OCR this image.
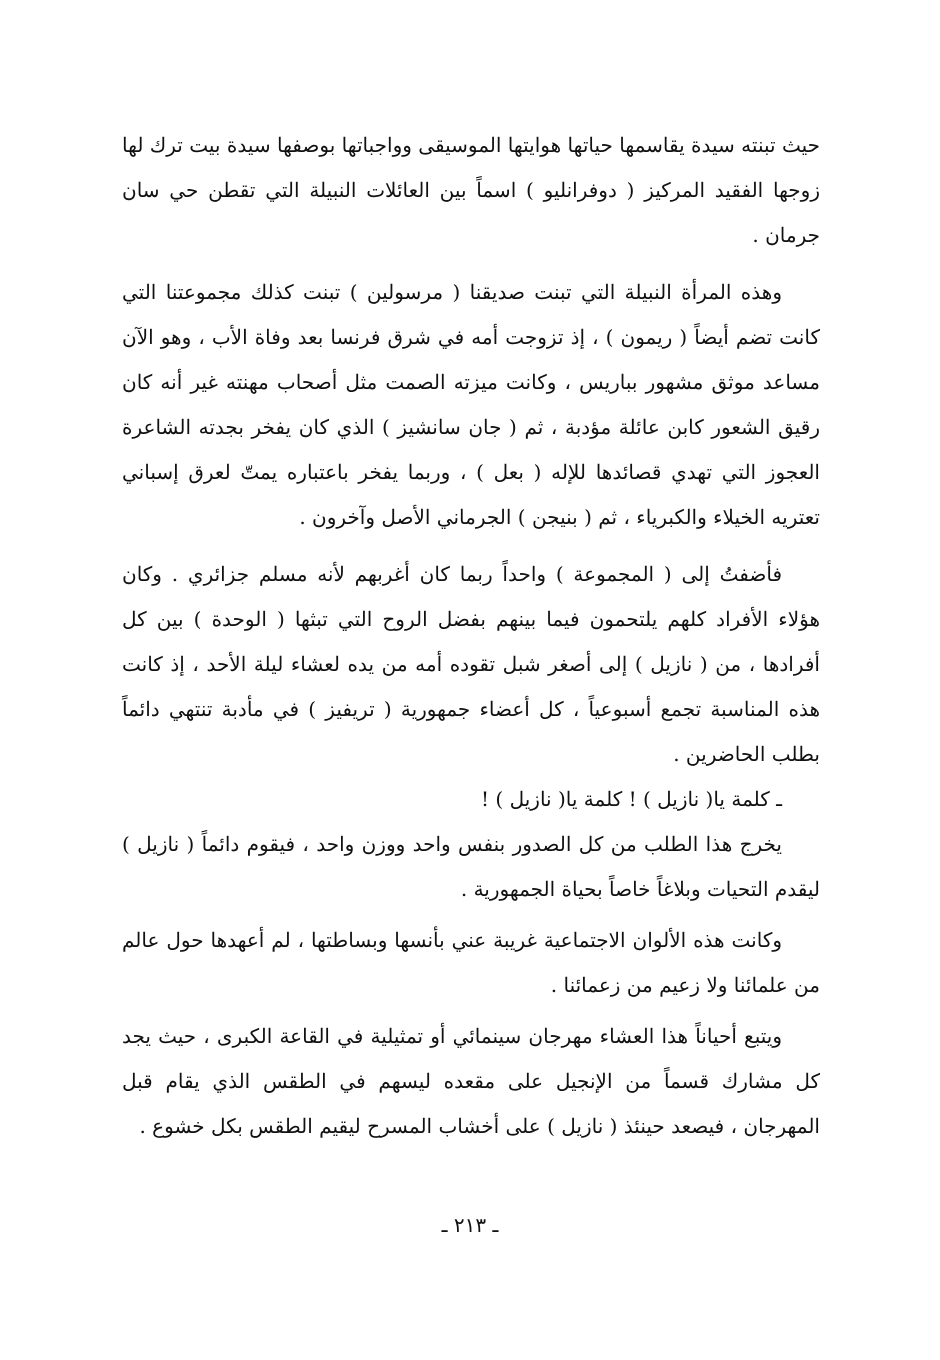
حيث تبنته سيدة يقاسمها حياتها هوايتها الموسيقى وواجباتها بوصفها سيدة بيت ترك لها زوجها الفقيد المركيز ( دوفرانليو ) اسماً بين العائلات النبيلة التي تقطن حي سان جرمان .

وهذه المرأة النبيلة التي تبنت صديقنا ( مرسولين ) تبنت كذلك مجموعتنا التي كانت تضم أيضاً ( ريمون ) ، إذ تزوجت أمه في شرق فرنسا بعد وفاة الأب ، وهو الآن مساعد موثق مشهور بباريس ، وكانت ميزته الصمت مثل أصحاب مهنته غير أنه كان رقيق الشعور كابن عائلة مؤدبة ، ثم ( جان سانشيز ) الذي كان يفخر بجدته الشاعرة العجوز التي تهدي قصائدها للإله ( بعل ) ، وربما يفخر باعتباره يمتّ لعرق إسباني تعتريه الخيلاء والكبرياء ، ثم ( بنيجن ) الجرماني الأصل وآخرون .

فأضفتُ إلى ( المجموعة ) واحداً ربما كان أغربهم لأنه مسلم جزائري . وكان هؤلاء الأفراد كلهم يلتحمون فيما بينهم بفضل الروح التي تبثها ( الوحدة ) بين كل أفرادها ، من ( نازيل ) إلى أصغر شبل تقوده أمه من يده لعشاء ليلة الأحد ، إذ كانت هذه المناسبة تجمع أسبوعياً ، كل أعضاء جمهورية ( تريفيز ) في مأدبة تنتهي دائماً بطلب الحاضرين .

ـ كلمة يا( نازيل ) ! كلمة يا( نازيل ) !

يخرج هذا الطلب من كل الصدور بنفس واحد ووزن واحد ، فيقوم دائماً ( نازيل ) ليقدم التحيات وبلاغاً خاصاً بحياة الجمهورية .

وكانت هذه الألوان الاجتماعية غريبة عني بأنسها وبساطتها ، لم أعهدها حول عالم من علمائنا ولا زعيم من زعمائنا .

ويتبع أحياناً هذا العشاء مهرجان سينمائي أو تمثيلية في القاعة الكبرى ، حيث يجد كل مشارك قسماً من الإنجيل على مقعده ليسهم في الطقس الذي يقام قبل المهرجان ، فيصعد حينئذ ( نازيل ) على أخشاب المسرح ليقيم الطقس بكل خشوع .

ـ ٢١٣ ـ
